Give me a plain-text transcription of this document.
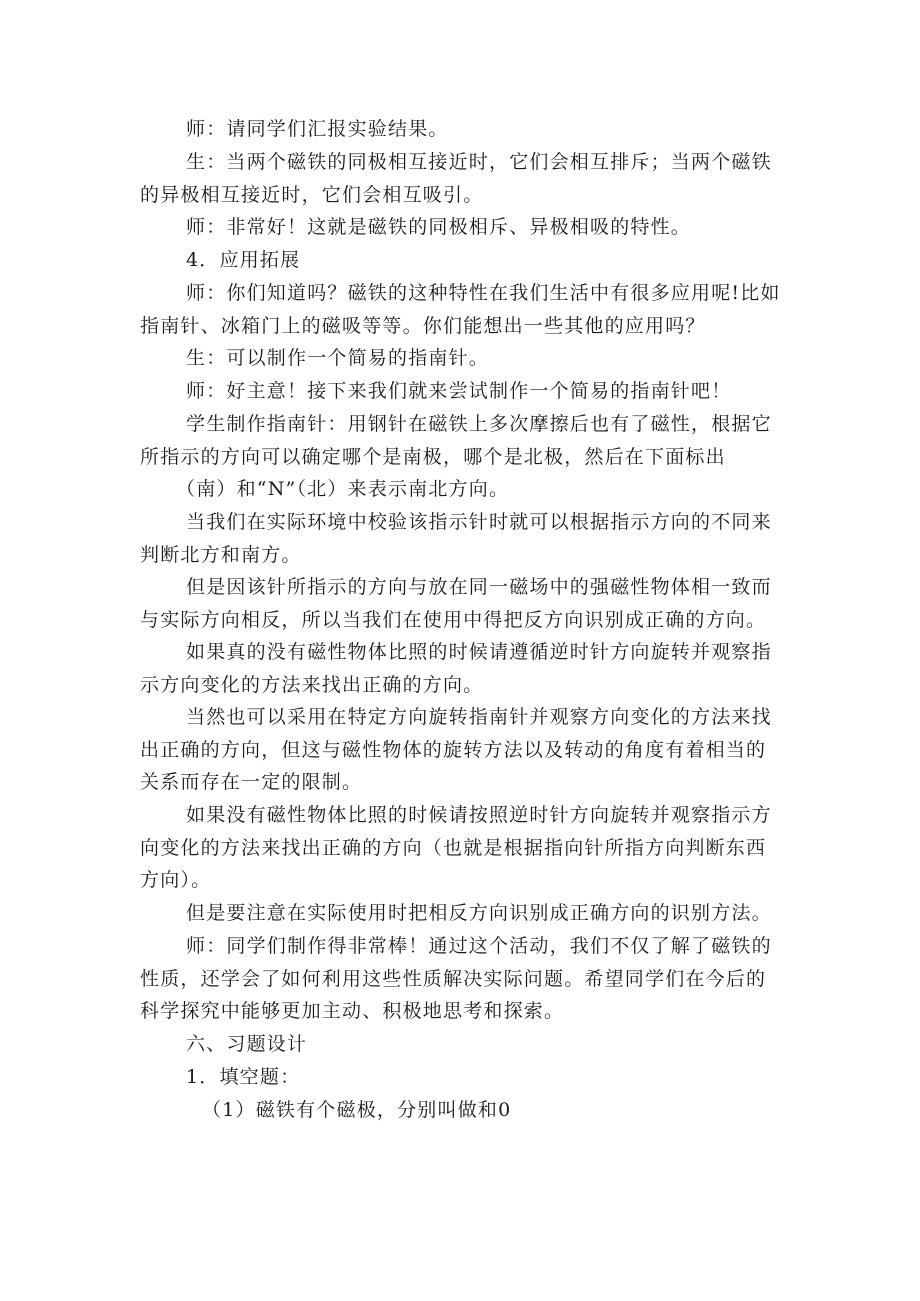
师：请同学们汇报实验结果。

生：当两个磁铁的同极相互接近时，它们会相互排斥；当两个磁铁的异极相互接近时，它们会相互吸引。

师：非常好！这就是磁铁的同极相斥、异极相吸的特性。

4．应用拓展

师：你们知道吗？磁铁的这种特性在我们生活中有很多应用呢!比如指南针、冰箱门上的磁吸等等。你们能想出一些其他的应用吗？

生：可以制作一个简易的指南针。

师：好主意！接下来我们就来尝试制作一个简易的指南针吧！

学生制作指南针：用钢针在磁铁上多次摩擦后也有了磁性，根据它所指示的方向可以确定哪个是南极，哪个是北极，然后在下面标出

（南）和“N”（北）来表示南北方向。

当我们在实际环境中校验该指示针时就可以根据指示方向的不同来判断北方和南方。

但是因该针所指示的方向与放在同一磁场中的强磁性物体相一致而与实际方向相反，所以当我们在使用中得把反方向识别成正确的方向。

如果真的没有磁性物体比照的时候请遵循逆时针方向旋转并观察指示方向变化的方法来找出正确的方向。

当然也可以采用在特定方向旋转指南针并观察方向变化的方法来找出正确的方向，但这与磁性物体的旋转方法以及转动的角度有着相当的关系而存在一定的限制。

如果没有磁性物体比照的时候请按照逆时针方向旋转并观察指示方向变化的方法来找出正确的方向（也就是根据指向针所指方向判断东西方向）。

但是要注意在实际使用时把相反方向识别成正确方向的识别方法。

师：同学们制作得非常棒！通过这个活动，我们不仅了解了磁铁的性质，还学会了如何利用这些性质解决实际问题。希望同学们在今后的科学探究中能够更加主动、积极地思考和探索。

六、习题设计

1．填空题：

（1）磁铁有个磁极，分别叫做和0
